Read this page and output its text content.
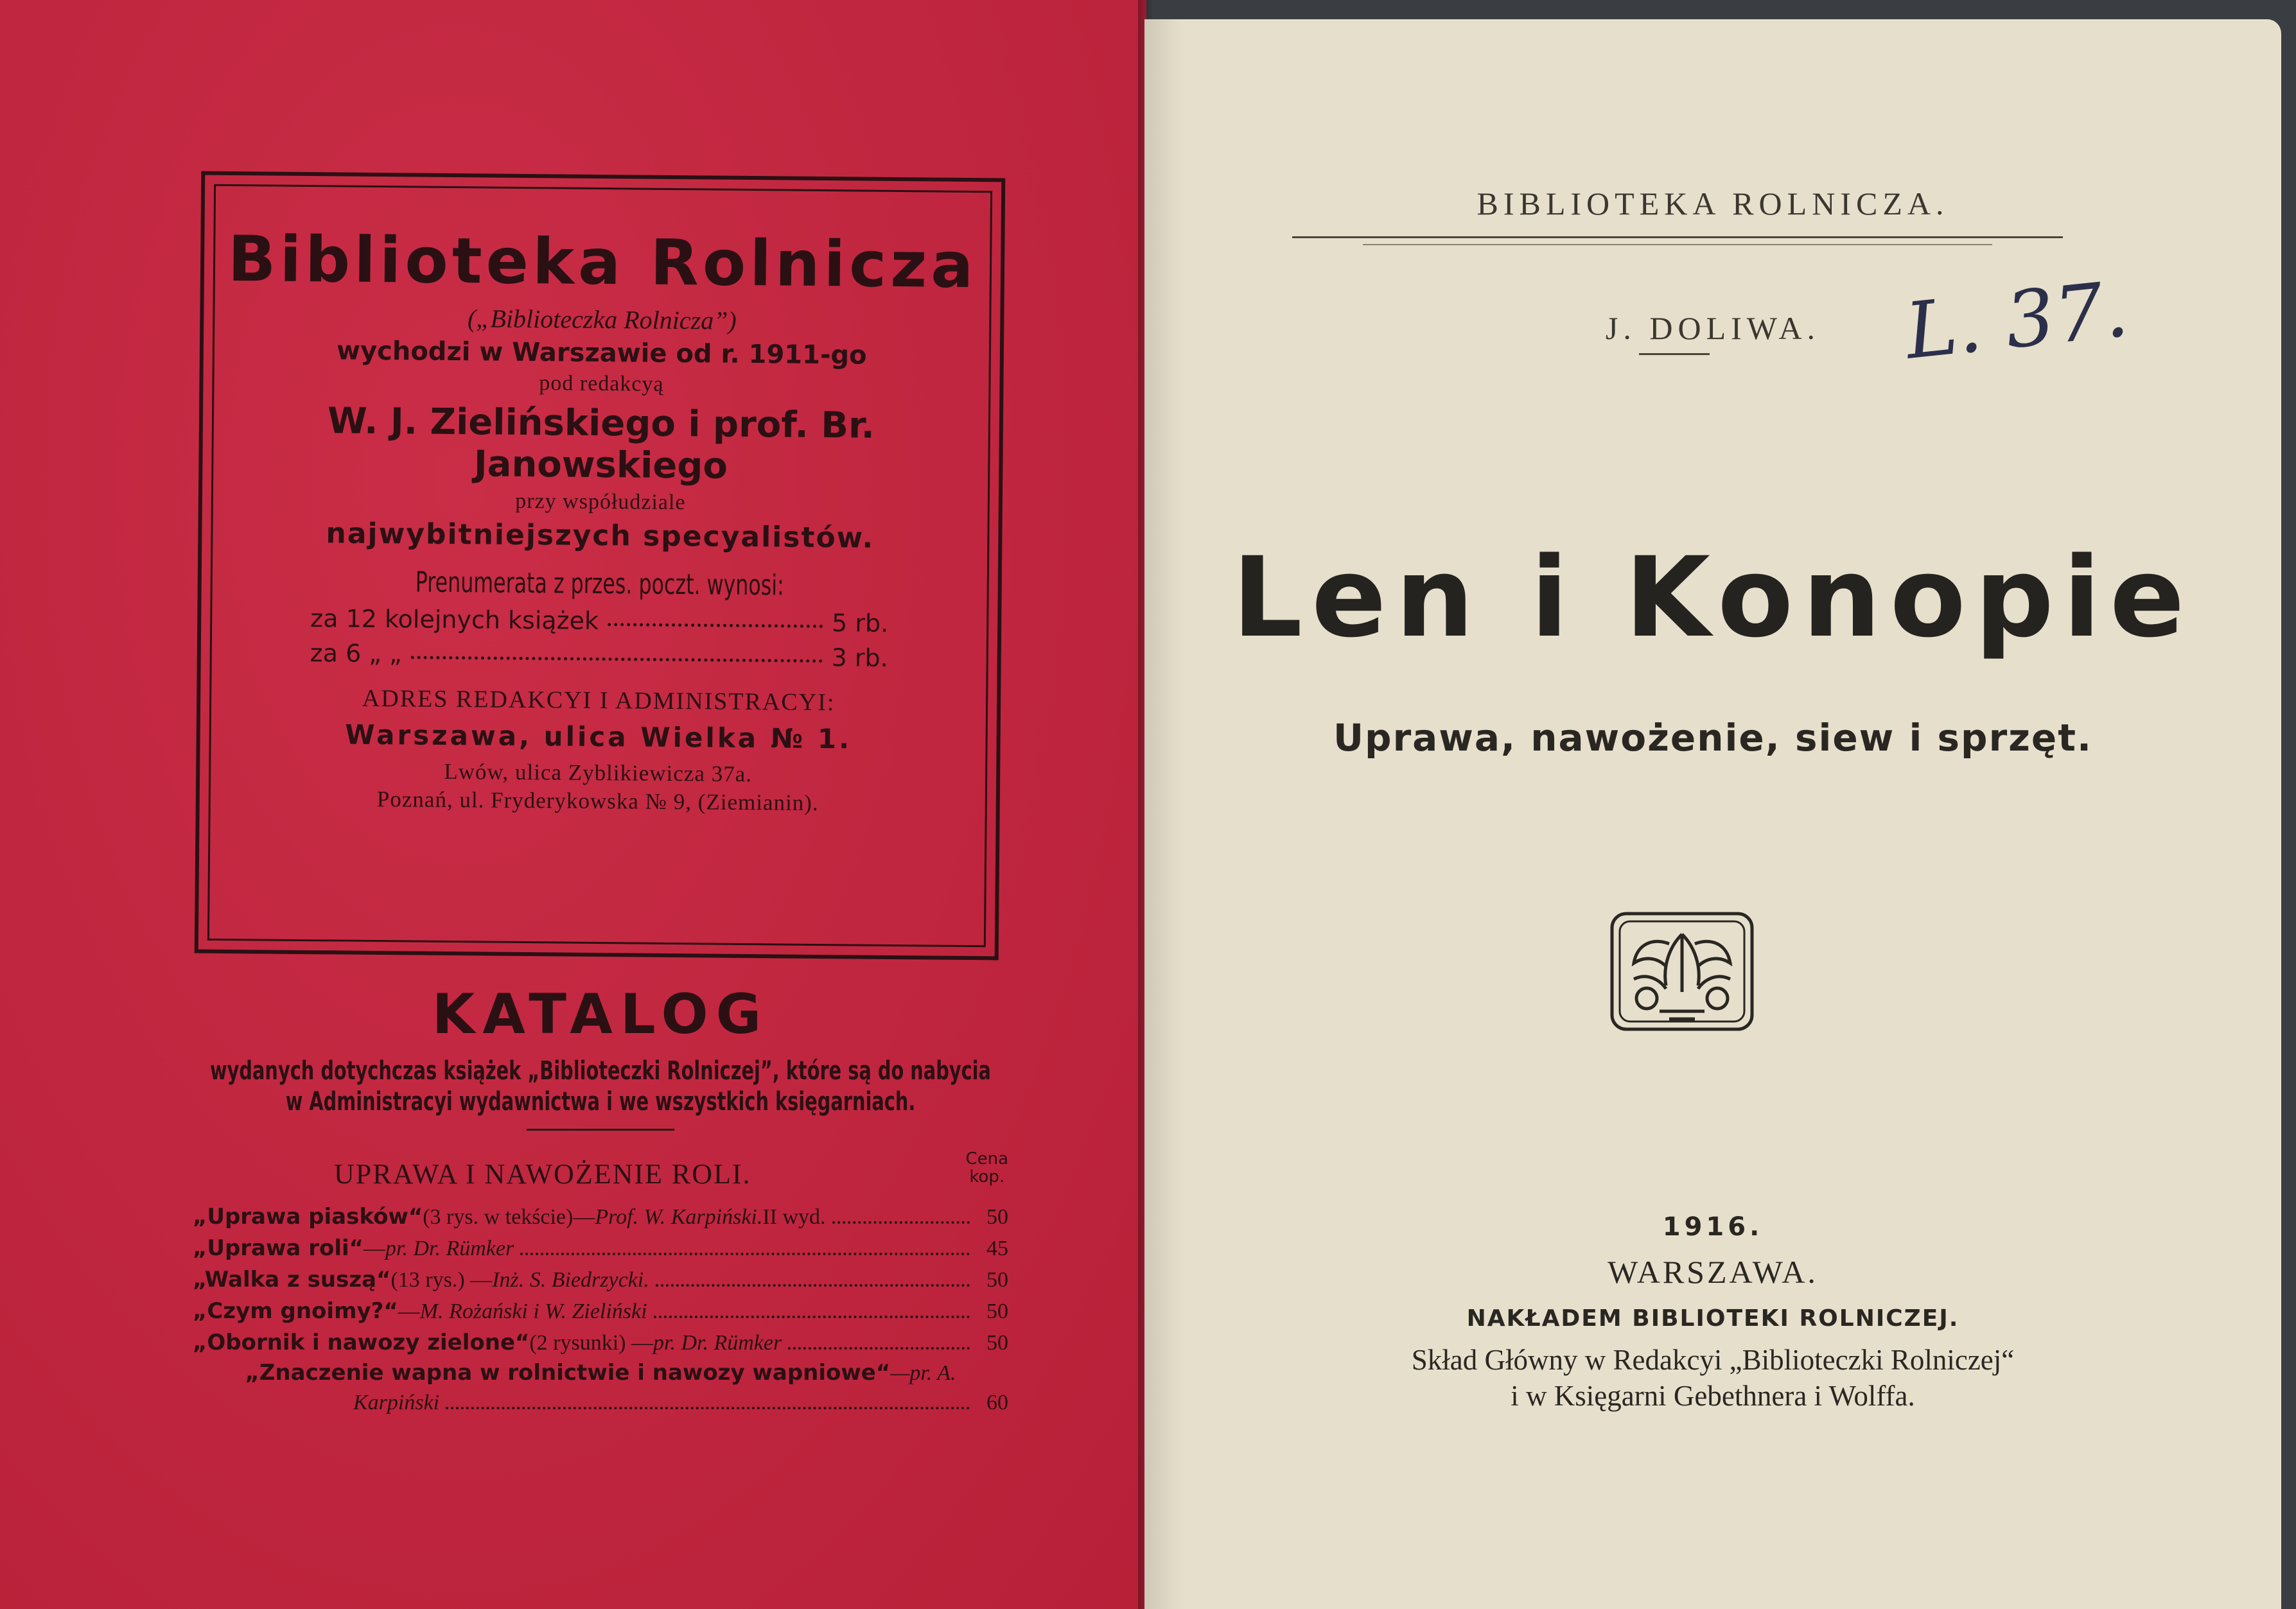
Biblioteka Rolnicza
(„Biblioteczka Rolnicza”)
wychodzi w Warszawie od r. 1911-go
pod redakcyą
W. J. Zielińskiego i prof. Br. Janowskiego
przy współudziale
najwybitniejszych specyalistów.
Prenumerata z przes. poczt. wynosi:
za 12 kolejnych książek	5 rb.
za 6 „ „	3 rb.
ADRES REDAKCYI I ADMINISTRACYI:
Warszawa, ulica Wielka № 1.
Lwów, ulica Zyblikiewicza 37a.
Poznań, ul. Fryderykowska № 9, (Ziemianin).
KATALOG
wydanych dotychczas książek „Biblioteczki Rolniczej”, które są do nabycia
w Administracyi wydawnictwa i we wszystkich księgarniach.
UPRAWA I NAWOŻENIE ROLI.	Cena
kop.
„Uprawa piasków“ (3 rys. w tekście)— Prof. W. Karpiński. II wyd.	50
„Uprawa roli“ — pr. Dr. Rümker	45
„Walka z suszą“ (13 rys.) — Inż. S. Biedrzycki.	50
„Czym gnoimy?“ — M. Rożański i W. Zieliński	50
„Obornik i nawozy zielone“ (2 rysunki) — pr. Dr. Rümker	50
„Znaczenie wapna w rolnictwie i nawozy wapniowe“—pr. A.
Karpiński	60
BIBLIOTEKA ROLNICZA.
J. DOLIWA.	L. 37.
Len i Konopie
Uprawa, nawożenie, siew i sprzęt.
1916.
WARSZAWA.
NAKŁADEM BIBLIOTEKI ROLNICZEJ.
Skład Główny w Redakcyi „Biblioteczki Rolniczej“
i w Księgarni Gebethnera i Wolffa.
